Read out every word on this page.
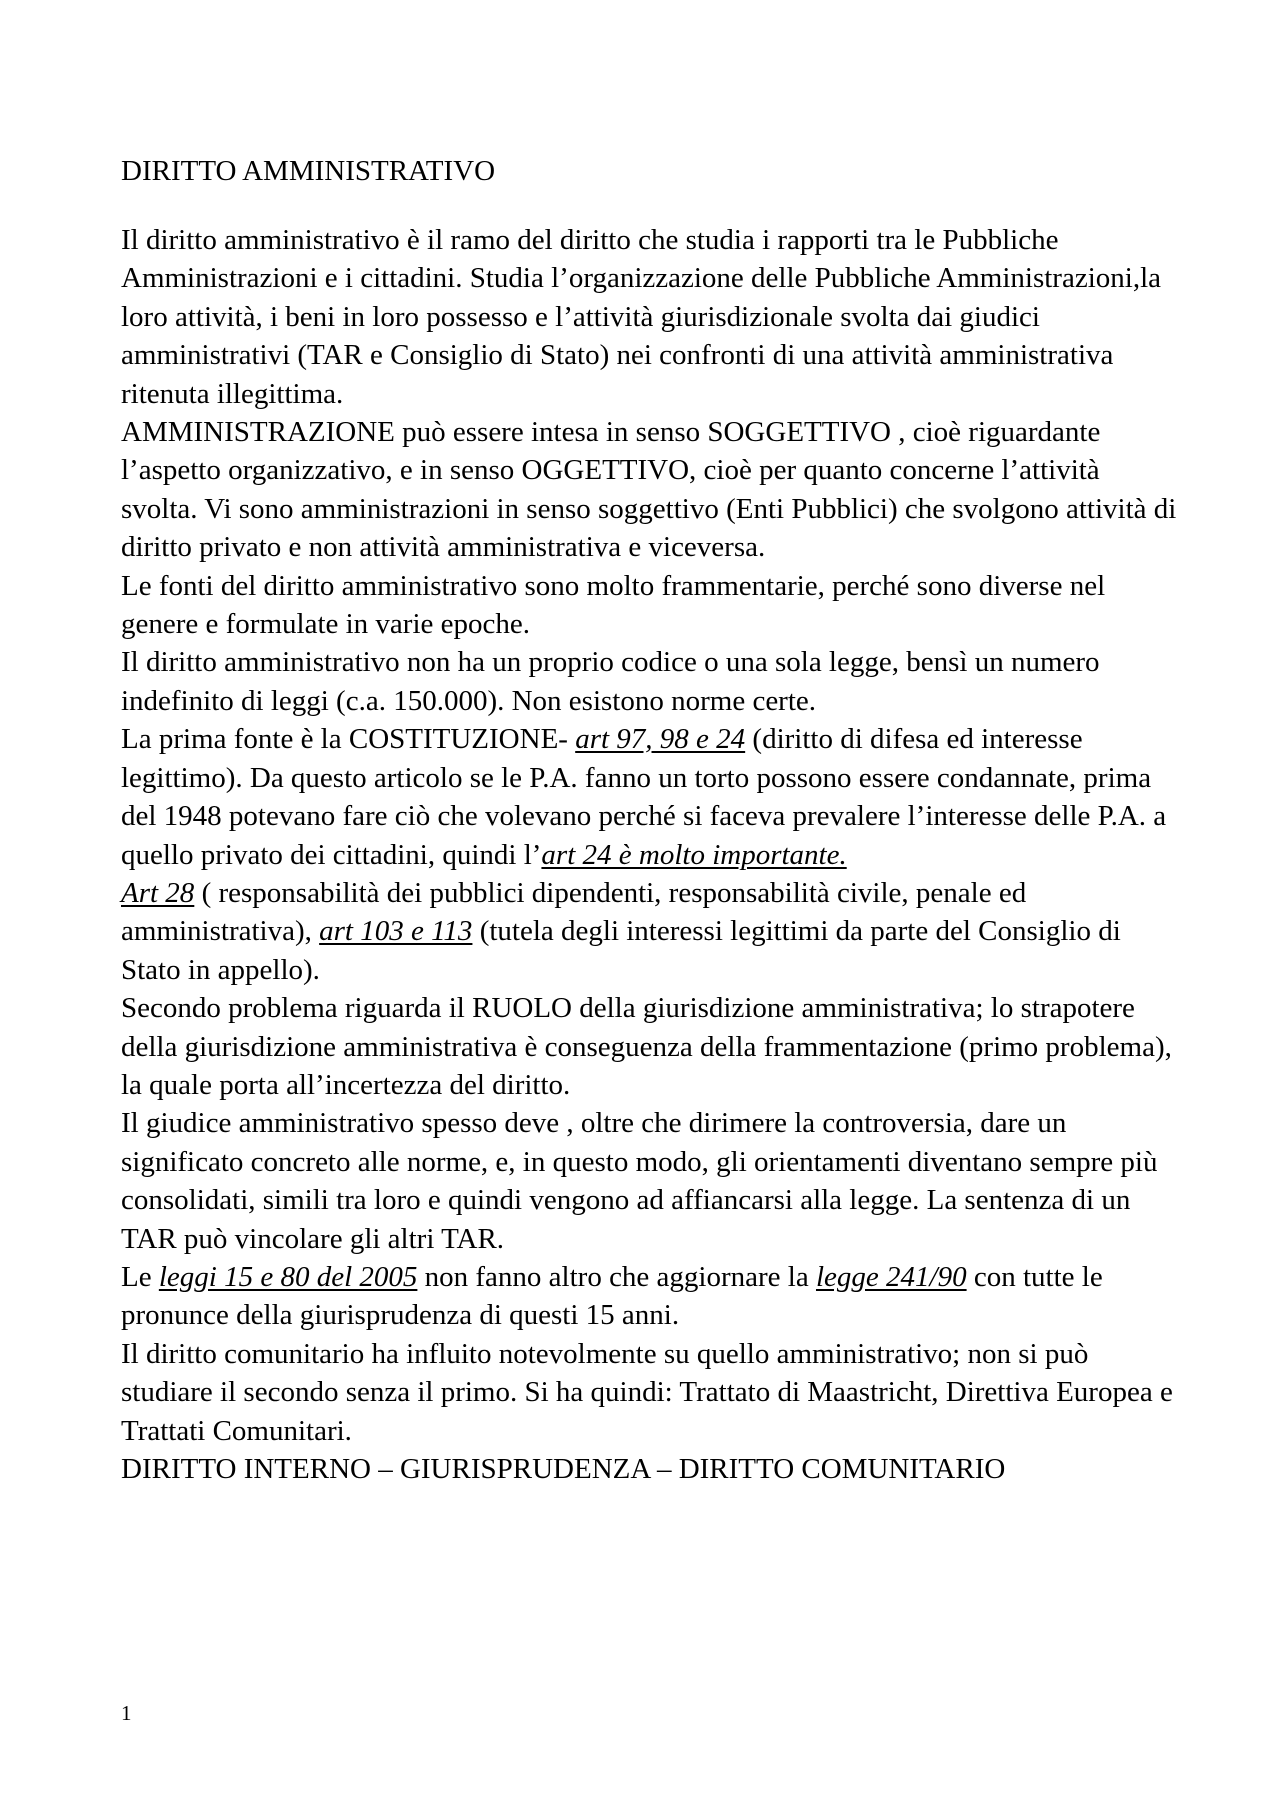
DIRITTO AMMINISTRATIVO

Il diritto amministrativo è il ramo del diritto che studia i rapporti tra le Pubbliche Amministrazioni e i cittadini. Studia l’organizzazione delle Pubbliche Amministrazioni,la loro attività, i beni in loro possesso e l’attività giurisdizionale svolta dai giudici amministrativi (TAR e Consiglio di Stato) nei confronti di una attività amministrativa ritenuta illegittima.

AMMINISTRAZIONE può essere intesa in senso SOGGETTIVO , cioè riguardante l’aspetto organizzativo, e in senso OGGETTIVO, cioè per quanto concerne l’attività svolta. Vi sono amministrazioni in senso soggettivo (Enti Pubblici) che svolgono attività di diritto privato e non attività amministrativa e viceversa.

Le fonti del diritto amministrativo sono molto frammentarie, perché sono diverse nel genere e formulate in varie epoche.

Il diritto amministrativo non ha un proprio codice o una sola legge, bensì un numero indefinito di leggi (c.a. 150.000). Non esistono norme certe.

La prima fonte è la COSTITUZIONE- art 97, 98 e 24 (diritto di difesa ed interesse legittimo). Da questo articolo se le P.A. fanno un torto possono essere condannate, prima del 1948 potevano fare ciò che volevano perché si faceva prevalere l’interesse delle P.A. a quello privato dei cittadini, quindi l’art 24 è molto importante.

Art 28 ( responsabilità dei pubblici dipendenti, responsabilità civile, penale ed amministrativa), art 103 e 113 (tutela degli interessi legittimi da parte del Consiglio di Stato in appello).

Secondo problema riguarda il RUOLO della giurisdizione amministrativa; lo strapotere della giurisdizione amministrativa è conseguenza della frammentazione (primo problema), la quale porta all’incertezza del diritto.

Il giudice amministrativo spesso deve , oltre che dirimere la controversia, dare un significato concreto alle norme, e, in questo modo, gli orientamenti diventano sempre più consolidati, simili tra loro e quindi vengono ad affiancarsi alla legge. La sentenza di un TAR può vincolare gli altri TAR.

Le leggi 15 e 80 del 2005 non fanno altro che aggiornare la legge 241/90 con tutte le pronunce della giurisprudenza di questi 15 anni.

Il diritto comunitario ha influito notevolmente su quello amministrativo; non si può studiare il secondo senza il primo. Si ha quindi: Trattato di Maastricht, Direttiva Europea e Trattati Comunitari.

DIRITTO INTERNO – GIURISPRUDENZA – DIRITTO COMUNITARIO

1
